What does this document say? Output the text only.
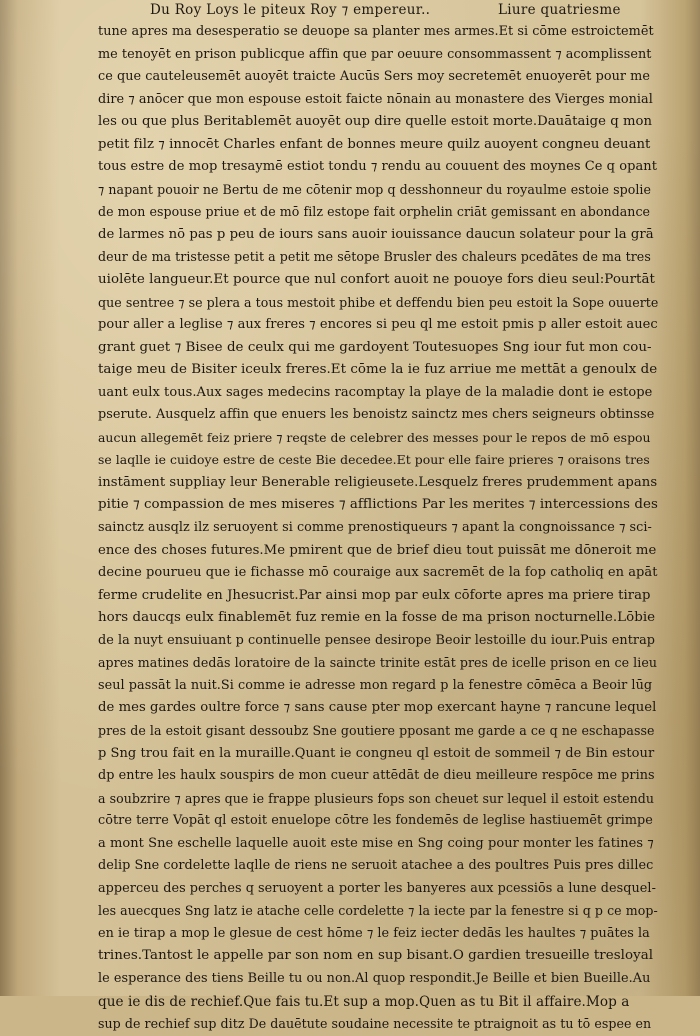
Du Roy Loys le piteux Roy ⁊ empereur..	Liure quatriesme
tune apres ma desesperatio se deuope sa planter mes armes.Et si cōme estroictemēt
me tenoyēt en prison publicque affin que par oeuure consommassent ⁊ acomplissent
ce que cauteleusemēt auoyēt traicte Aucūs Sers moy secretemēt enuoyerēt pour me
dire ⁊ anōcer que mon espouse estoit faicte nōnain au monastere des Vierges monial
les ou que plus Beritablemēt auoyēt oup dire quelle estoit morte.Dauātaige q mon
petit filz ⁊ innocēt Charles enfant de bonnes meure quilz auoyent congneu deuant
tous estre de mop tresaymē estiot tondu ⁊ rendu au couuent des moynes Ce q opant
⁊ napant pouoir ne Bertu de me cōtenir mop q desshonneur du royaulme estoie spolie
de mon espouse priue et de mō filz estope fait orphelin criāt gemissant en abondance
de larmes nō pas p peu de iours sans auoir iouissance daucun solateur pour la grā
deur de ma tristesse petit a petit me sētope Brusler des chaleurs pcedātes de ma tres
uiolēte langueur.Et pource que nul confort auoit ne pouoye fors dieu seul:Pourtāt
que sentree ⁊ se plera a tous mestoit phibe et deffendu bien peu estoit la Sope ouuerte
pour aller a leglise ⁊ aux freres ⁊ encores si peu ql me estoit pmis p aller estoit auec
grant guet ⁊ Bisee de ceulx qui me gardoyent Toutesuopes Sng iour fut mon cou-
taige meu de Bisiter iceulx freres.Et cōme la ie fuz arriue me mettāt a genoulx de
uant eulx tous.Aux sages medecins racomptay la playe de la maladie dont ie estope
pserute. Ausquelz affin que enuers les benoistz sainctz mes chers seigneurs obtinsse
aucun allegemēt feiz priere ⁊ reqste de celebrer des messes pour le repos de mō espou
se laqlle ie cuidoye estre de ceste Bie decedee.Et pour elle faire prieres ⁊ oraisons tres
instāment suppliay leur Benerable religieusete.Lesquelz freres prudemment apans
pitie ⁊ compassion de mes miseres ⁊ afflictions Par les merites ⁊ intercessions des
sainctz ausqlz ilz seruoyent si comme prenostiqueurs ⁊ apant la congnoissance ⁊ sci-
ence des choses futures.Me pmirent que de brief dieu tout puissāt me dōneroit me
decine pourueu que ie fichasse mō couraige aux sacremēt de la fop catholiq en apāt
ferme crudelite en Jhesucrist.Par ainsi mop par eulx cōforte apres ma priere tirap
hors daucqs eulx finablemēt fuz remie en la fosse de ma prison nocturnelle.Lōbie
de la nuyt ensuiuant p continuelle pensee desirope Beoir lestoille du iour.Puis entrap
apres matines dedās loratoire de la saincte trinite estāt pres de icelle prison en ce lieu
seul passāt la nuit.Si comme ie adresse mon regard p la fenestre cōmēca a Beoir lūg
de mes gardes oultre force ⁊ sans cause pter mop exercant hayne ⁊ rancune lequel
pres de la estoit gisant dessoubz Sne goutiere pposant me garde a ce q ne eschapasse
p Sng trou fait en la muraille.Quant ie congneu ql estoit de sommeil ⁊ de Bin estour
dp entre les haulx souspirs de mon cueur attēdāt de dieu meilleure respōce me prins
a soubzrire ⁊ apres que ie frappe plusieurs fops son cheuet sur lequel il estoit estendu
cōtre terre Vopāt ql estoit enuelope cōtre les fondemēs de leglise hastiuemēt grimpe
a mont Sne eschelle laquelle auoit este mise en Sng coing pour monter les fatines ⁊
delip Sne cordelette laqlle de riens ne seruoit atachee a des poultres Puis pres dillec
apperceu des perches q seruoyent a porter les banyeres aux pcessiōs a lune desquel-
les auecques Sng latz ie atache celle cordelette ⁊ la iecte par la fenestre si q p ce mop-
en ie tirap a mop le glesue de cest hōme ⁊ le feiz iecter dedās les haultes ⁊ puātes la
trines.Tantost le appelle par son nom en sup bisant.O gardien tresueille tresloyal
le esperance des tiens Beille tu ou non.Al quop respondit.Je Beille et bien Bueille.Au
que ie dis de rechief.Que fais tu.Et sup a mop.Quen as tu Bit il affaire.Mop a
sup de rechief sup ditz De dauētute soudaine necessite te ptraignoit as tu tō espee en
